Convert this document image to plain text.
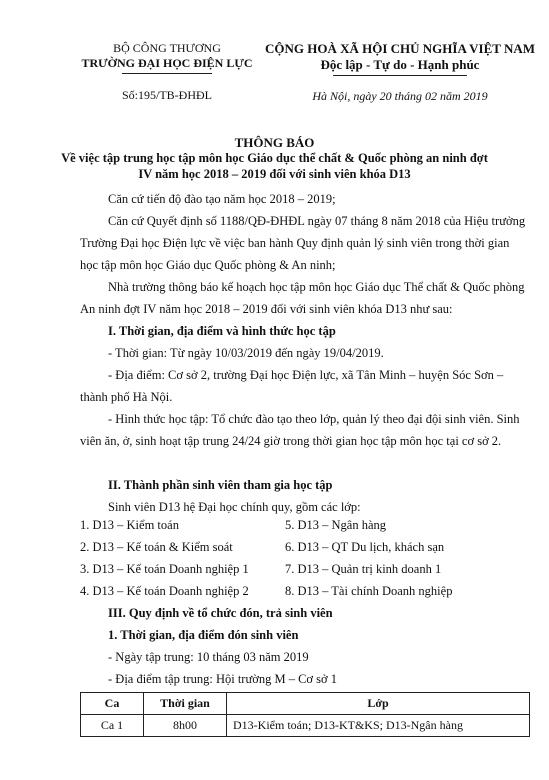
BỘ CÔNG THƯƠNG
TRƯỜNG ĐẠI HỌC ĐIỆN LỰC
Số:195/TB-ĐHĐL
CỘNG HOÀ XÃ HỘI CHỦ NGHĨA VIỆT NAM
Độc lập - Tự do - Hạnh phúc
Hà Nội, ngày 20 tháng 02 năm 2019
THÔNG BÁO
Về việc tập trung học tập môn học Giáo dục thể chất & Quốc phòng an ninh đợt
IV năm học 2018 – 2019 đối với sinh viên khóa D13
Căn cứ tiến độ đào tạo năm học 2018 – 2019;
Căn cứ Quyết định số 1188/QĐ-ĐHĐL ngày 07 tháng 8 năm 2018 của Hiệu trưởng Trường Đại học Điện lực về việc ban hành Quy định quản lý sinh viên trong thời gian học tập môn học Giáo dục Quốc phòng & An ninh;
Nhà trường thông báo kế hoạch học tập môn học Giáo dục Thể chất & Quốc phòng An ninh đợt IV năm học 2018 – 2019 đối với sinh viên khóa D13 như sau:
I. Thời gian, địa điểm và hình thức học tập
- Thời gian: Từ ngày 10/03/2019 đến ngày 19/04/2019.
- Địa điểm: Cơ sở 2, trường Đại học Điện lực, xã Tân Minh – huyện Sóc Sơn – thành phố Hà Nội.
- Hình thức học tập: Tổ chức đào tạo theo lớp, quản lý theo đại đội sinh viên. Sinh viên ăn, ở, sinh hoạt tập trung 24/24 giờ trong thời gian học tập môn học tại cơ sở 2.
II. Thành phần sinh viên tham gia học tập
Sinh viên D13 hệ Đại học chính quy, gồm các lớp:
1. D13 – Kiểm toán
2. D13 – Kế toán & Kiểm soát
3. D13 – Kế toán Doanh nghiệp 1
4. D13 – Kế toán Doanh nghiệp 2
5. D13 – Ngân hàng
6. D13 – QT Du lịch, khách sạn
7. D13 – Quản trị kinh doanh 1
8. D13 – Tài chính Doanh nghiệp
III. Quy định về tổ chức đón, trả sinh viên
1. Thời gian, địa điểm đón sinh viên
- Ngày tập trung: 10 tháng 03 năm 2019
- Địa điểm tập trung: Hội trường M – Cơ sở 1
Ca	Thời gian	Lớp
Ca 1	8h00	D13-Kiểm toán; D13-KT&KS; D13-Ngân hàng
